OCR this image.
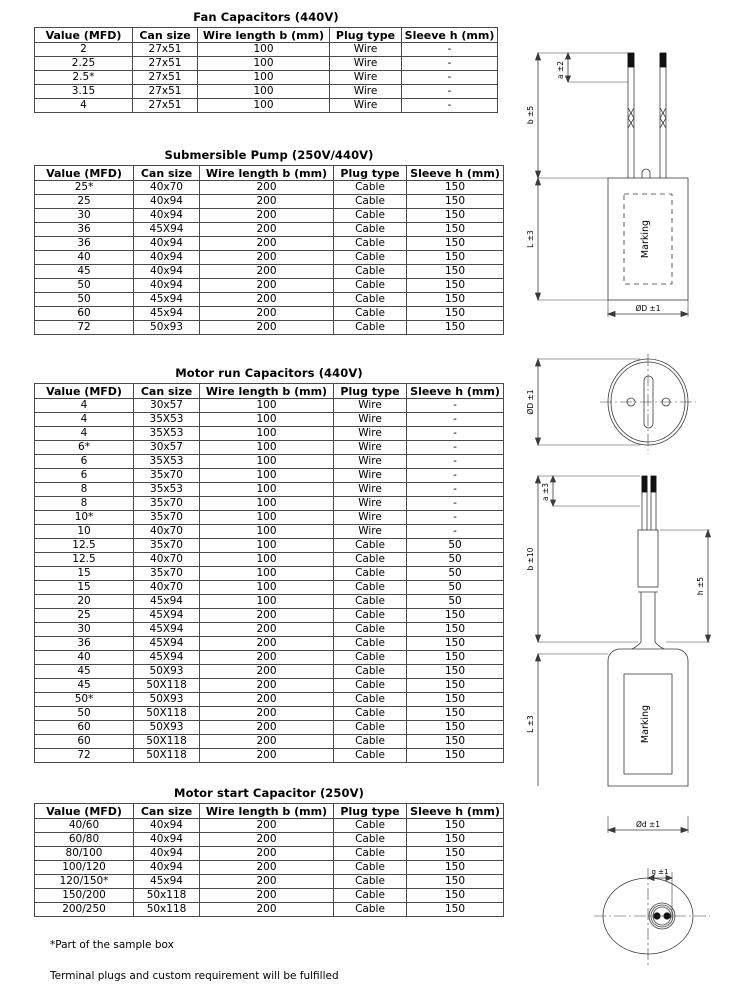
Fan Capacitors (440V)
Value (MFD)	Can size	Wire length b (mm)	Plug type	Sleeve h (mm)
2	27x51	100	Wire	-
2.25	27x51	100	Wire	-
2.5*	27x51	100	Wire	-
3.15	27x51	100	Wire	-
4	27x51	100	Wire	-
Submersible Pump (250V/440V)
Value (MFD)	Can size	Wire length b (mm)	Plug type	Sleeve h (mm)
25*	40x70	200	Cable	150
25	40x94	200	Cable	150
30	40x94	200	Cable	150
36	45X94	200	Cable	150
36	40x94	200	Cable	150
40	40x94	200	Cable	150
45	40x94	200	Cable	150
50	40x94	200	Cable	150
50	45x94	200	Cable	150
60	45x94	200	Cable	150
72	50x93	200	Cable	150
Motor run Capacitors (440V)
Value (MFD)	Can size	Wire length b (mm)	Plug type	Sleeve h (mm)
4	30x57	100	Wire	-
4	35X53	100	Wire	-
4	35X53	100	Wire	-
6*	30x57	100	Wire	-
6	35X53	100	Wire	-
6	35x70	100	Wire	-
8	35x53	100	Wire	-
8	35x70	100	Wire	-
10*	35x70	100	Wire	-
10	40x70	100	Wire	-
12.5	35x70	100	Cable	50
12.5	40x70	100	Cable	50
15	35x70	100	Cable	50
15	40x70	100	Cable	50
20	45x94	100	Cable	50
25	45X94	200	Cable	150
30	45X94	200	Cable	150
36	45X94	200	Cable	150
40	45X94	200	Cable	150
45	50X93	200	Cable	150
45	50X118	200	Cable	150
50*	50X93	200	Cable	150
50	50X118	200	Cable	150
60	50X93	200	Cable	150
60	50X118	200	Cable	150
72	50X118	200	Cable	150
Motor start Capacitor (250V)
Value (MFD)	Can size	Wire length b (mm)	Plug type	Sleeve h (mm)
40/60	40x94	200	Cable	150
60/80	40x94	200	Cable	150
80/100	40x94	200	Cable	150
100/120	40x94	200	Cable	150
120/150*	45x94	200	Cable	150
150/200	50x118	200	Cable	150
200/250	50x118	200	Cable	150
*Part of the sample box
Terminal plugs and custom requirement will be fulfilled
b ±5
a ±2
L ±3
ØD ±1
Marking
ØD ±1
b ±10
a ±3
h ±5
L ±3	Marking
Ød ±1
g ±1
